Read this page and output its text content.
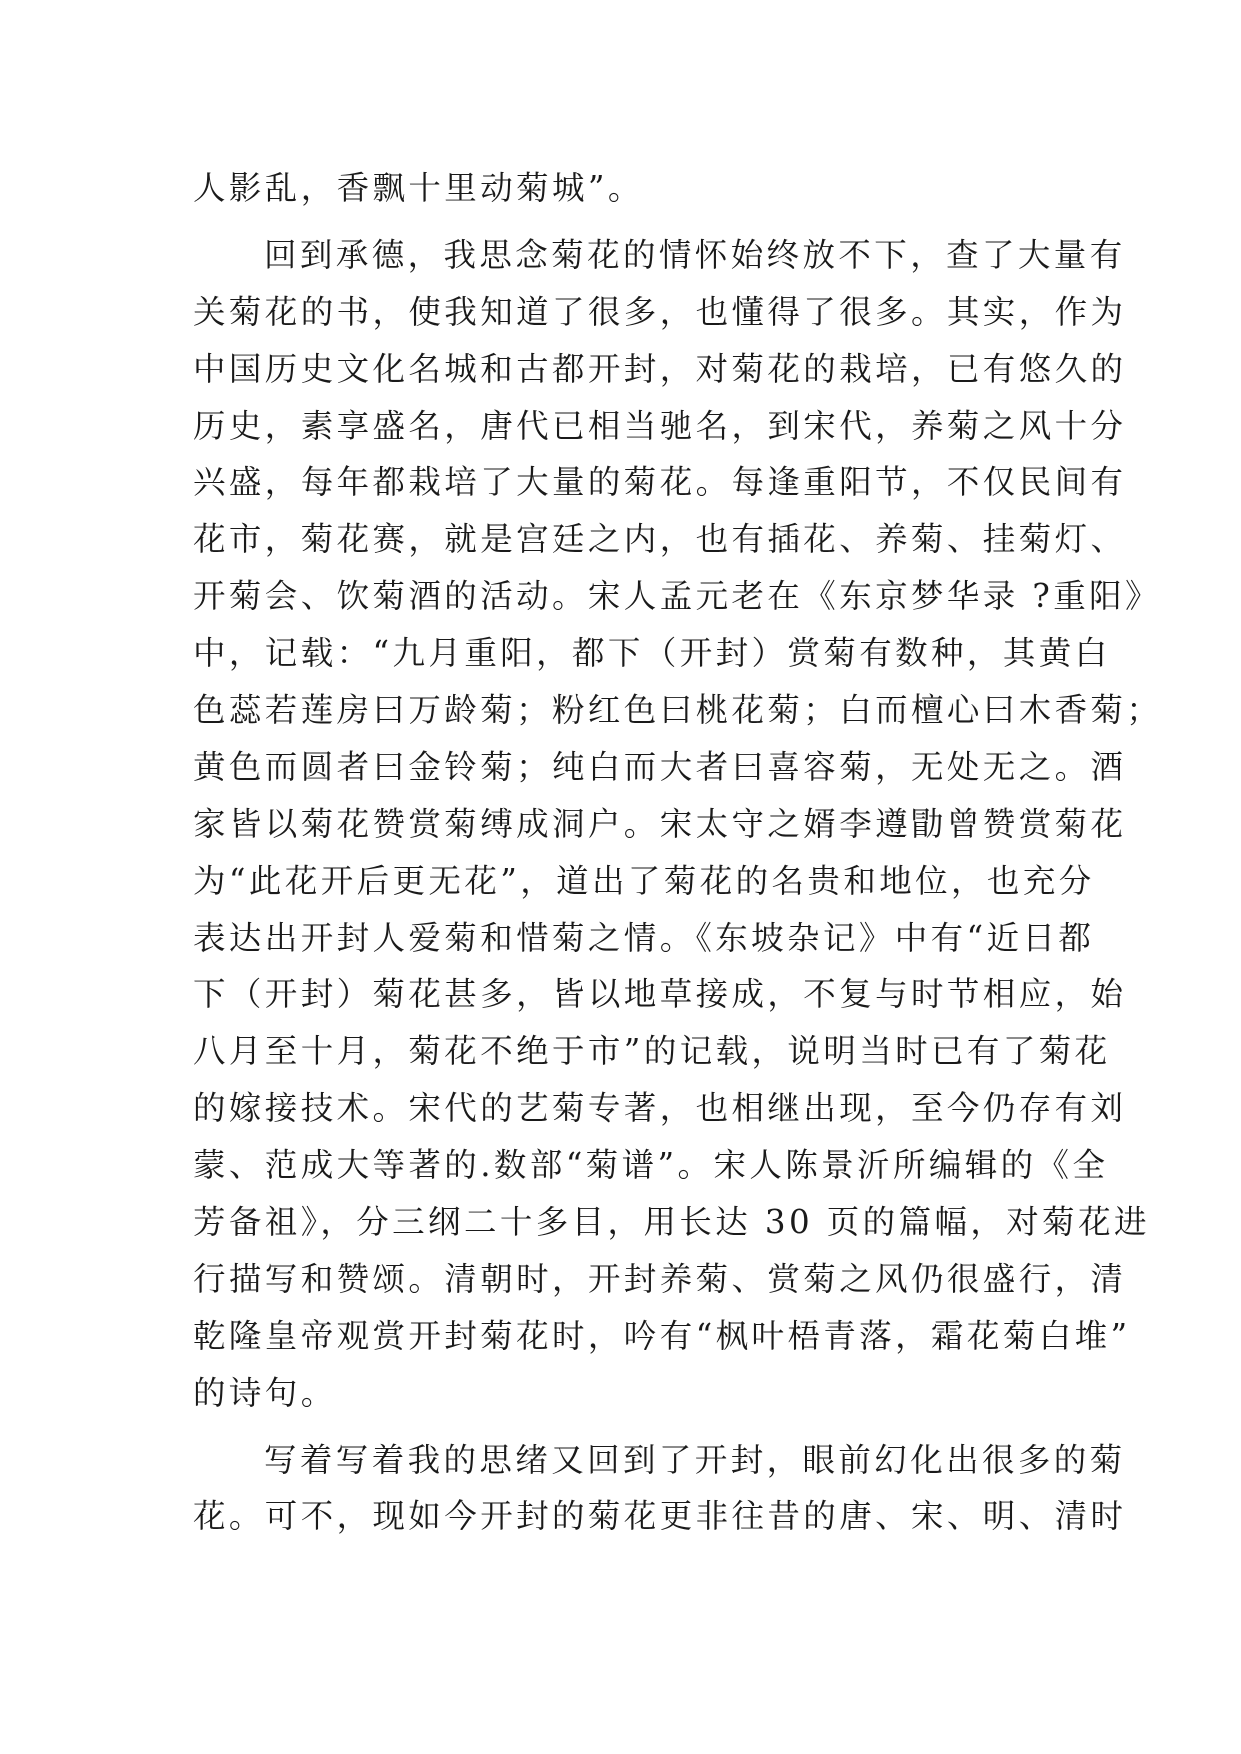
人影乱，香飘十里动菊城”。
回到承德，我思念菊花的情怀始终放不下，查了大量有
关菊花的书，使我知道了很多，也懂得了很多。其实，作为
中国历史文化名城和古都开封，对菊花的栽培，已有悠久的
历史，素享盛名，唐代已相当驰名，到宋代，养菊之风十分
兴盛，每年都栽培了大量的菊花。每逢重阳节，不仅民间有
花市，菊花赛，就是宫廷之内，也有插花、养菊、挂菊灯、
开菊会、饮菊酒的活动。宋人孟元老在《东京梦华录 ?重阳》
中，记载：“九月重阳，都下（开封）赏菊有数种，其黄白
色蕊若莲房曰万龄菊；粉红色曰桃花菊；白而檀心曰木香菊；
黄色而圆者曰金铃菊；纯白而大者曰喜容菊，无处无之。酒
家皆以菊花赞赏菊缚成洞户。宋太守之婿李遵勖曾赞赏菊花
为“此花开后更无花”，道出了菊花的名贵和地位，也充分
表达出开封人爱菊和惜菊之情。《东坡杂记》中有“近日都
下（开封）菊花甚多，皆以地草接成，不复与时节相应，始
八月至十月，菊花不绝于市”的记载，说明当时已有了菊花
的嫁接技术。宋代的艺菊专著，也相继出现，至今仍存有刘
蒙、范成大等著的.数部“菊谱”。宋人陈景沂所编辑的《全
芳备祖》，分三纲二十多目，用长达 30 页的篇幅，对菊花进
行描写和赞颂。清朝时，开封养菊、赏菊之风仍很盛行，清
乾隆皇帝观赏开封菊花时，吟有“枫叶梧青落，霜花菊白堆”
的诗句。
写着写着我的思绪又回到了开封，眼前幻化出很多的菊
花。可不，现如今开封的菊花更非往昔的唐、宋、明、清时
